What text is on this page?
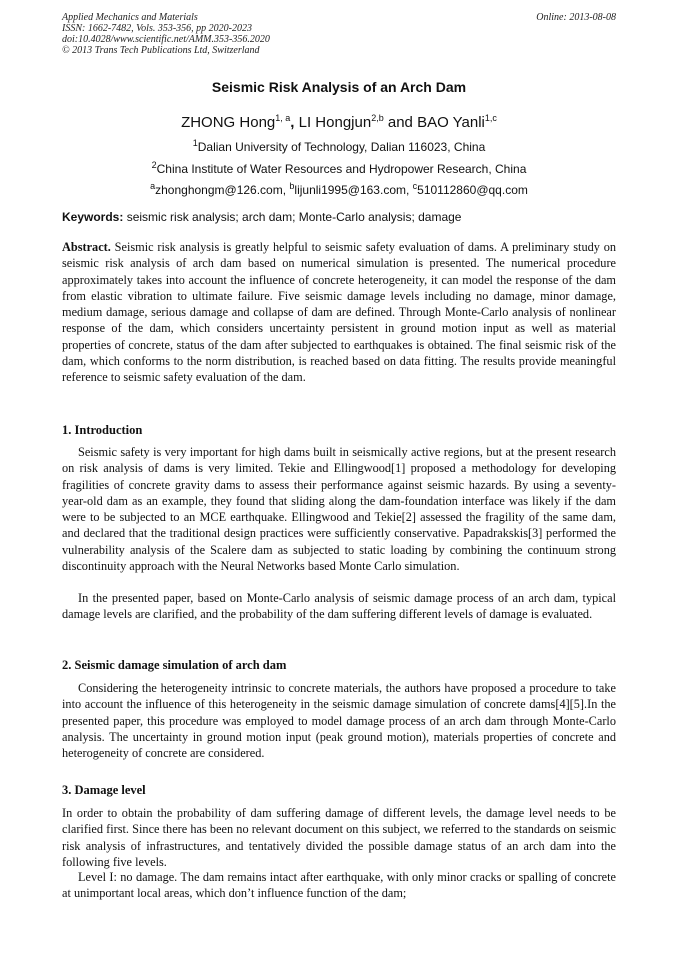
Applied Mechanics and Materials
ISSN: 1662-7482, Vols. 353-356, pp 2020-2023
doi:10.4028/www.scientific.net/AMM.353-356.2020
© 2013 Trans Tech Publications Ltd, Switzerland
Online: 2013-08-08
Seismic Risk Analysis of an Arch Dam
ZHONG Hong$^{1, a}$, LI Hongjun$^{2,b}$ and BAO Yanli$^{1,c}$
$^1$Dalian University of Technology, Dalian 116023, China
$^2$China Institute of Water Resources and Hydropower Research, China
$^a$zhonghongm@126.com, $^b$lijunli1995@163.com, $^c$510112860@qq.com
Keywords: seismic risk analysis; arch dam; Monte-Carlo analysis; damage

Abstract. Seismic risk analysis is greatly helpful to seismic safety evaluation of dams. A preliminary study on seismic risk analysis of arch dam based on numerical simulation is presented. The numerical procedure approximately takes into account the influence of concrete heterogeneity, it can model the response of the dam from elastic vibration to ultimate failure. Five seismic damage levels including no damage, minor damage, medium damage, serious damage and collapse of dam are defined. Through Monte-Carlo analysis of nonlinear response of the dam, which considers uncertainty persistent in ground motion input as well as material properties of concrete, status of the dam after subjected to earthquakes is obtained. The final seismic risk of the dam, which conforms to the norm distribution, is reached based on data fitting. The results provide meaningful reference to seismic safety evaluation of the dam.

1. Introduction

Seismic safety is very important for high dams built in seismically active regions, but at the present research on risk analysis of dams is very limited. Tekie and Ellingwood[1] proposed a methodology for developing fragilities of concrete gravity dams to assess their performance against seismic hazards. By using a seventy-year-old dam as an example, they found that sliding along the dam-foundation interface was likely if the dam were to be subjected to an MCE earthquake. Ellingwood and Tekie[2] assessed the fragility of the same dam, and declared that the traditional design practices were sufficiently conservative. Papadrakskis[3] performed the vulnerability analysis of the Scalere dam as subjected to static loading by combining the continuum strong discontinuity approach with the Neural Networks based Monte Carlo simulation.

In the presented paper, based on Monte-Carlo analysis of seismic damage process of an arch dam, typical damage levels are clarified, and the probability of the dam suffering different levels of damage is evaluated.

2. Seismic damage simulation of arch dam

Considering the heterogeneity intrinsic to concrete materials, the authors have proposed a procedure to take into account the influence of this heterogeneity in the seismic damage simulation of concrete dams[4][5].In the presented paper, this procedure was employed to model damage process of an arch dam through Monte-Carlo analysis. The uncertainty in ground motion input (peak ground motion), materials properties of concrete and heterogeneity of concrete are considered.

3. Damage level

In order to obtain the probability of dam suffering damage of different levels, the damage level needs to be clarified first. Since there has been no relevant document on this subject, we referred to the standards on seismic risk analysis of infrastructures, and tentatively divided the possible damage status of an arch dam into the following five levels.

Level I: no damage. The dam remains intact after earthquake, with only minor cracks or spalling of concrete at unimportant local areas, which don’t influence function of the dam;
